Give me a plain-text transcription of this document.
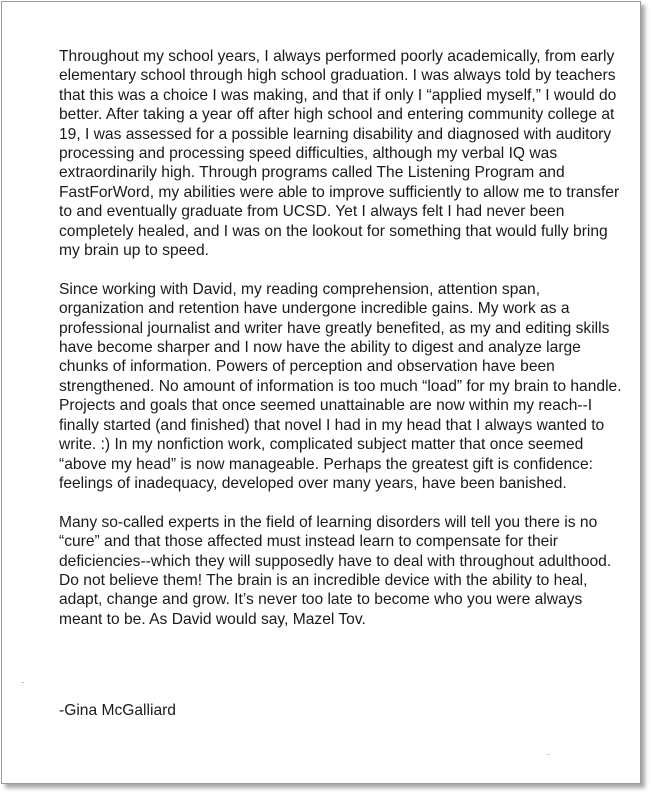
Throughout my school years, I always performed poorly academically, from early elementary school through high school graduation. I was always told by teachers that this was a choice I was making, and that if only I “applied myself,” I would do better. After taking a year off after high school and entering community college at 19, I was assessed for a possible learning disability and diagnosed with auditory processing and processing speed difficulties, although my verbal IQ was extraordinarily high. Through programs called The Listening Program and FastForWord, my abilities were able to improve sufficiently to allow me to transfer to and eventually graduate from UCSD. Yet I always felt I had never been completely healed, and I was on the lookout for something that would fully bring my brain up to speed.

Since working with David, my reading comprehension, attention span, organization and retention have undergone incredible gains. My work as a professional journalist and writer have greatly benefited, as my and editing skills have become sharper and I now have the ability to digest and analyze large chunks of information. Powers of perception and observation have been strengthened. No amount of information is too much “load” for my brain to handle. Projects and goals that once seemed unattainable are now within my reach--I finally started (and finished) that novel I had in my head that I always wanted to write. :) In my nonfiction work, complicated subject matter that once seemed “above my head” is now manageable. Perhaps the greatest gift is confidence: feelings of inadequacy, developed over many years, have been banished.

Many so-called experts in the field of learning disorders will tell you there is no “cure” and that those affected must instead learn to compensate for their deficiencies--which they will supposedly have to deal with throughout adulthood. Do not believe them! The brain is an incredible device with the ability to heal, adapt, change and grow. It’s never too late to become who you were always meant to be. As David would say, Mazel Tov.

-Gina McGalliard
